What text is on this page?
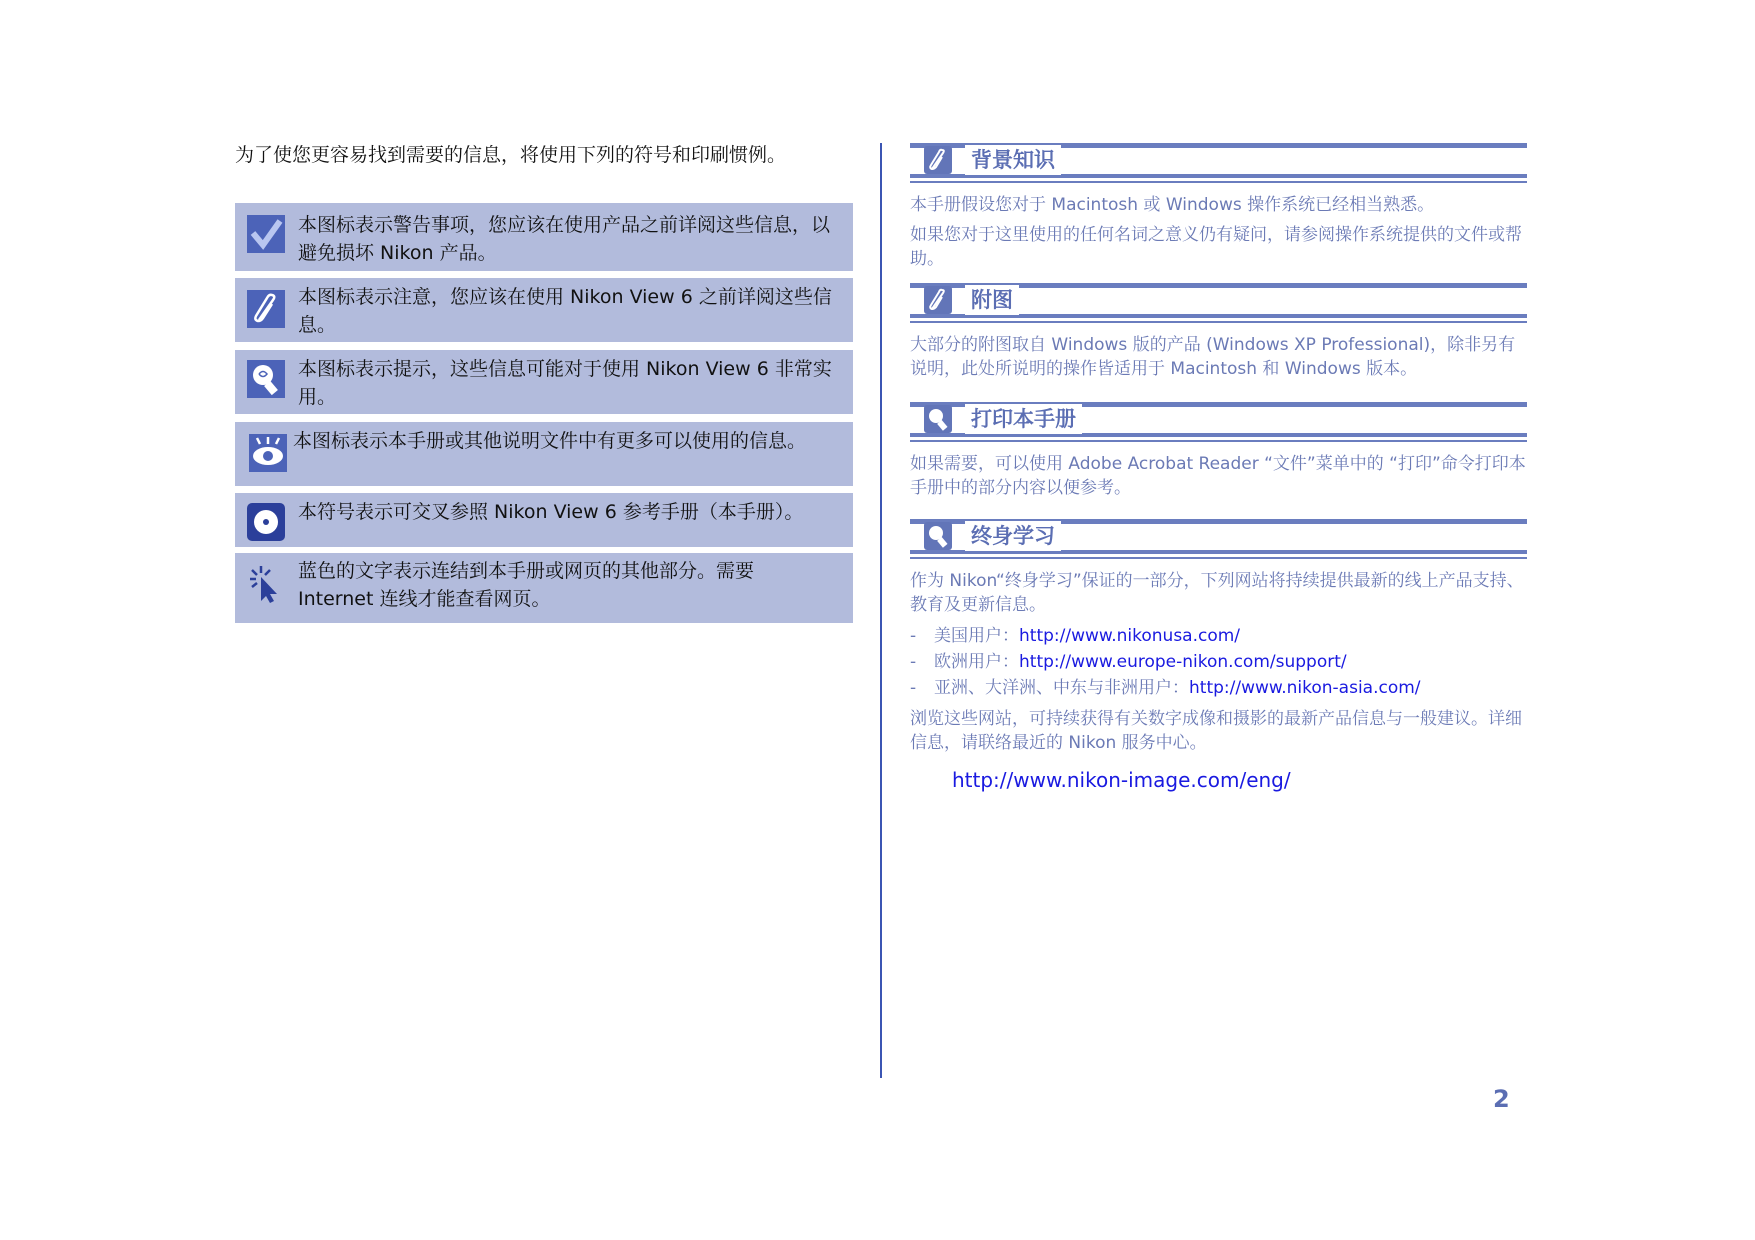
为了使您更容易找到需要的信息，将使用下列的符号和印刷惯例。
本图标表示警告事项，您应该在使用产品之前详阅这些信息，以避免损坏 Nikon 产品。
本图标表示注意，您应该在使用 Nikon View 6 之前详阅这些信息。
本图标表示提示，这些信息可能对于使用 Nikon View 6 非常实用。
本图标表示本手册或其他说明文件中有更多可以使用的信息。
本符号表示可交叉参照 Nikon View 6 参考手册（本手册）。
蓝色的文字表示连结到本手册或网页的其他部分。需要 Internet 连线才能查看网页。
背景知识

本手册假设您对于 Macintosh 或 Windows 操作系统已经相当熟悉。

如果您对于这里使用的任何名词之意义仍有疑问，请参阅操作系统提供的文件或帮助。

附图

大部分的附图取自 Windows 版的产品 (Windows XP Professional)，除非另有说明，此处所说明的操作皆适用于 Macintosh 和 Windows 版本。

打印本手册

如果需要，可以使用 Adobe Acrobat Reader “文件”菜单中的 “打印”命令打印本手册中的部分内容以便参考。

终身学习

作为 Nikon“终身学习”保证的一部分，下列网站将持续提供最新的线上产品支持、教育及更新信息。

- 美国用户：http://www.nikonusa.com/
- 欧洲用户：http://www.europe-nikon.com/support/
- 亚洲、大洋洲、中东与非洲用户：http://www.nikon-asia.com/

浏览这些网站，可持续获得有关数字成像和摄影的最新产品信息与一般建议。详细信息，请联络最近的 Nikon 服务中心。

http://www.nikon-image.com/eng/
2
